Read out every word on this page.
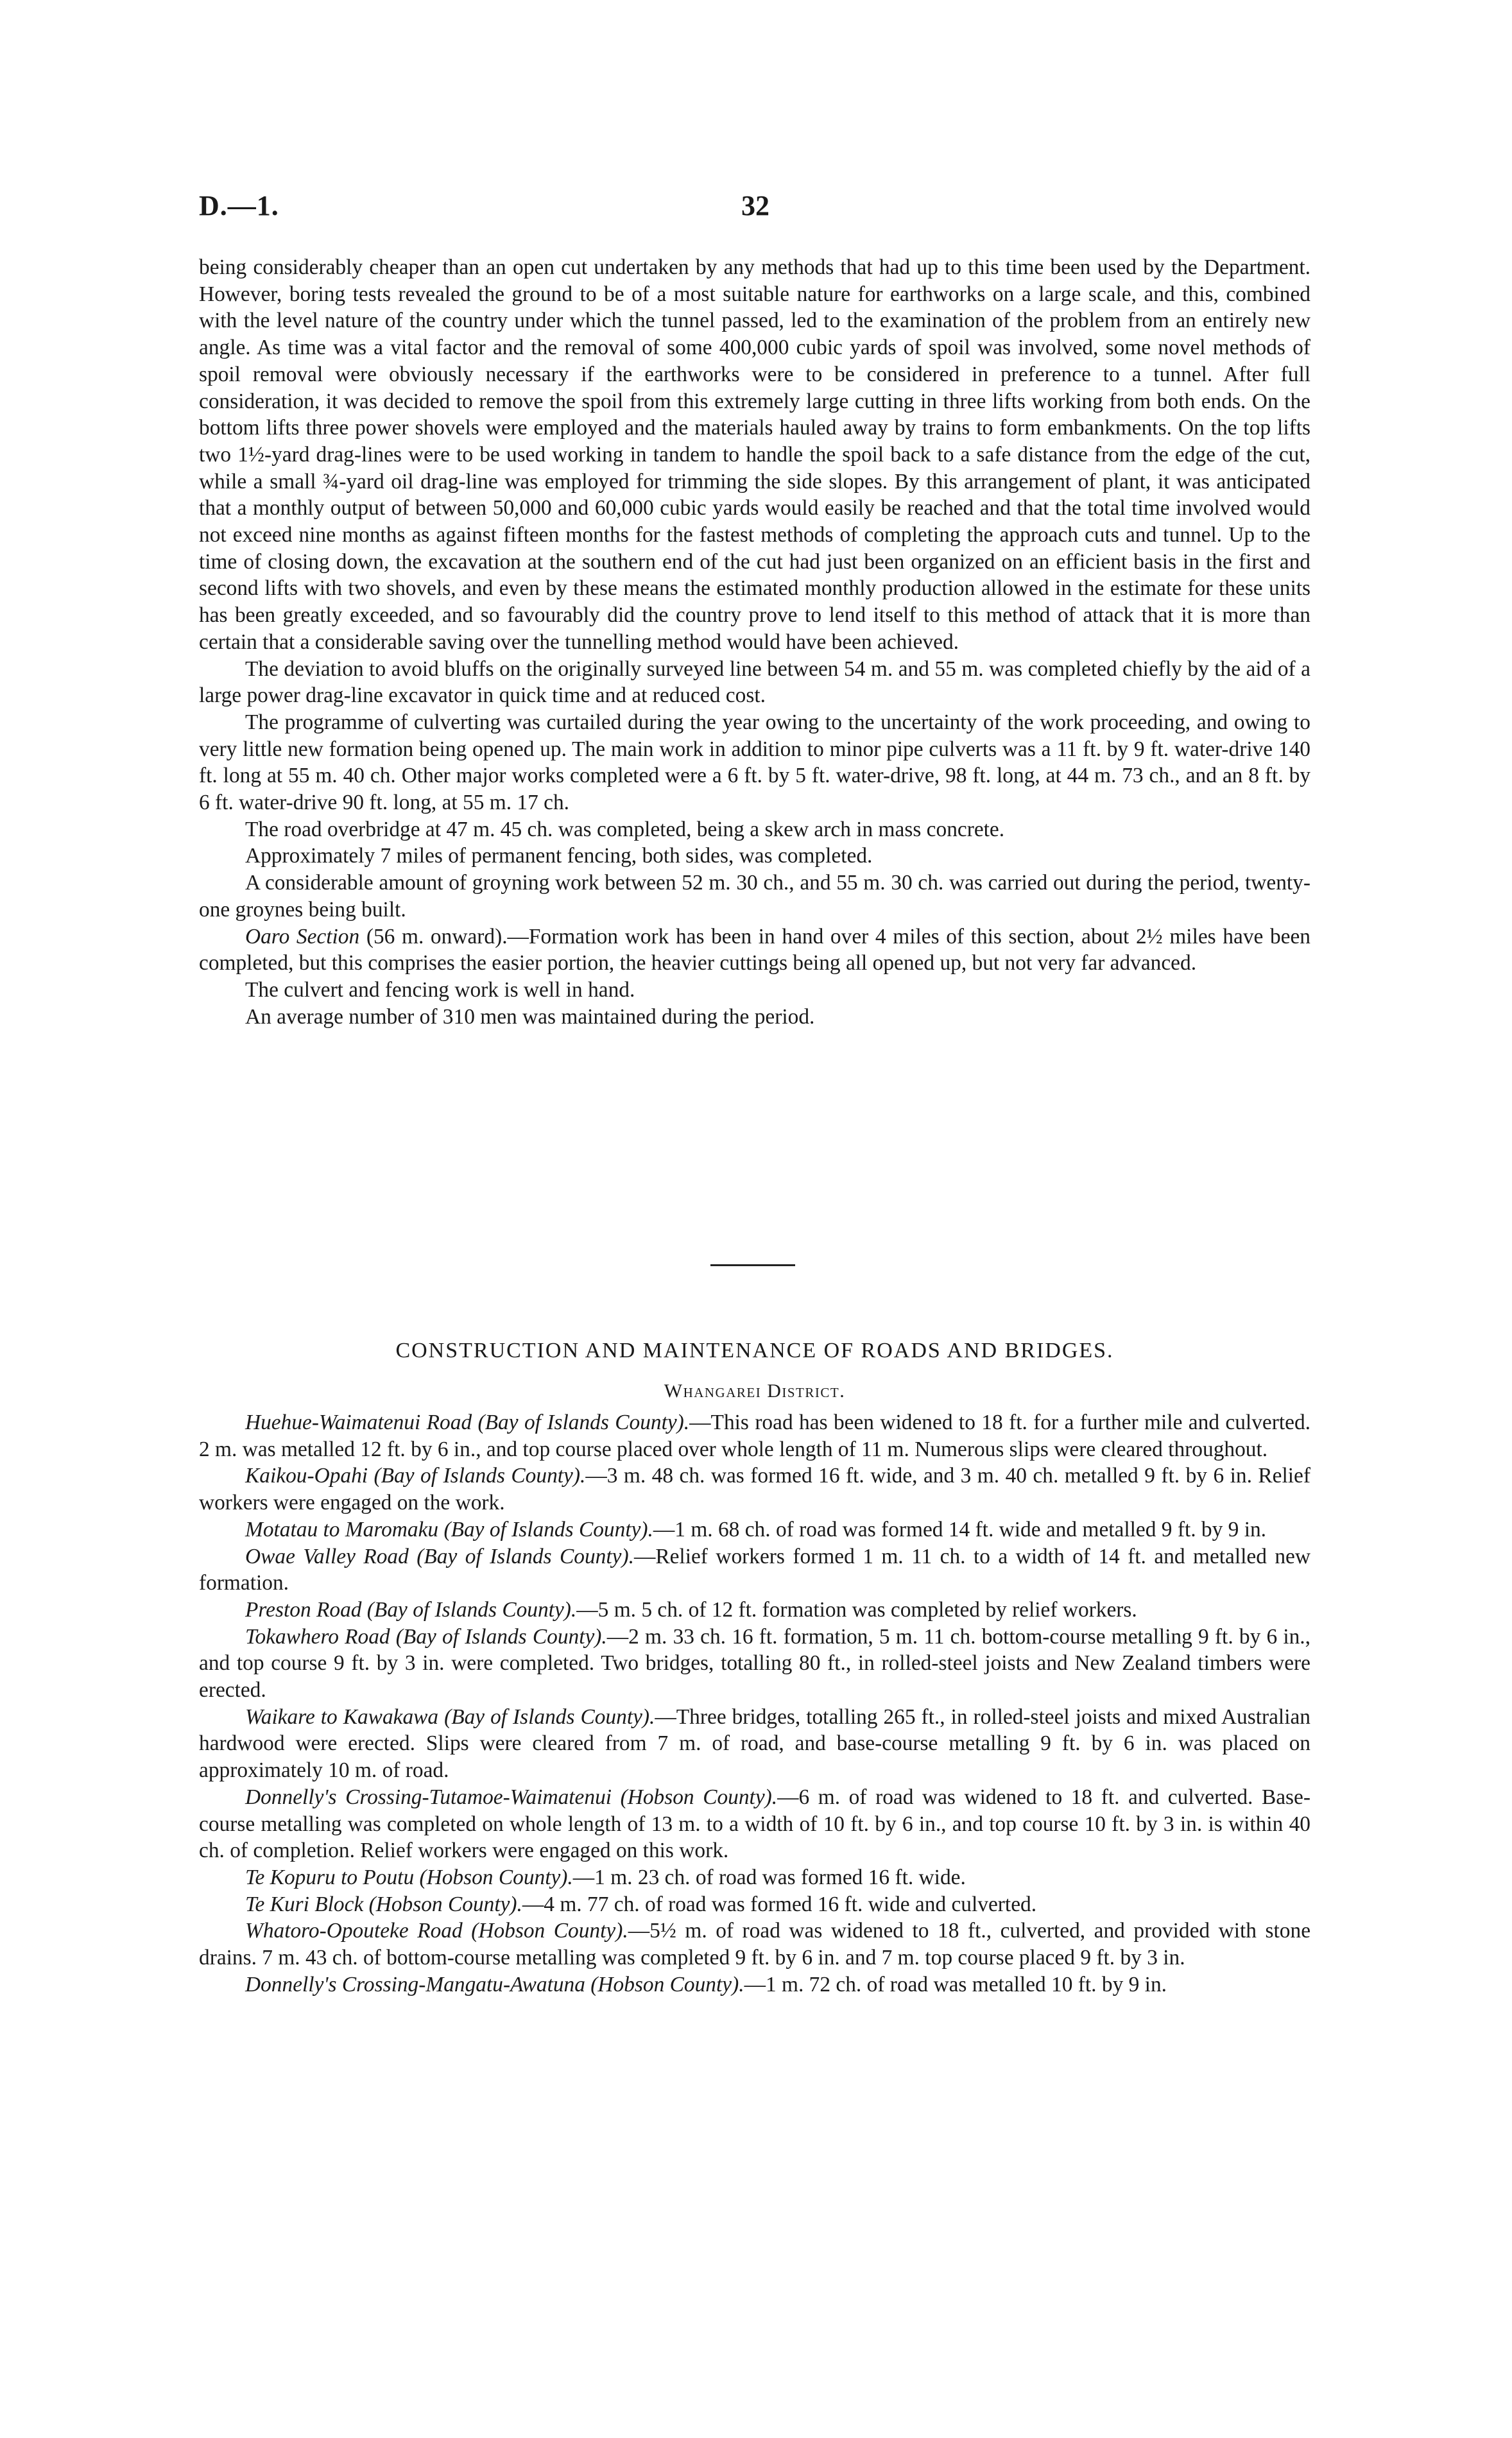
D.—1.	32

being considerably cheaper than an open cut undertaken by any methods that had up to this time been used by the Department. However, boring tests revealed the ground to be of a most suitable nature for earthworks on a large scale, and this, combined with the level nature of the country under which the tunnel passed, led to the examination of the problem from an entirely new angle. As time was a vital factor and the removal of some 400,000 cubic yards of spoil was involved, some novel methods of spoil removal were obviously necessary if the earthworks were to be considered in preference to a tunnel. After full consideration, it was decided to remove the spoil from this extremely large cutting in three lifts working from both ends. On the bottom lifts three power shovels were employed and the materials hauled away by trains to form embankments. On the top lifts two 1½-yard drag-lines were to be used working in tandem to handle the spoil back to a safe distance from the edge of the cut, while a small ¾-yard oil drag-line was employed for trimming the side slopes. By this arrangement of plant, it was anticipated that a monthly output of between 50,000 and 60,000 cubic yards would easily be reached and that the total time involved would not exceed nine months as against fifteen months for the fastest methods of completing the approach cuts and tunnel. Up to the time of closing down, the excavation at the southern end of the cut had just been organized on an efficient basis in the first and second lifts with two shovels, and even by these means the estimated monthly production allowed in the estimate for these units has been greatly exceeded, and so favourably did the country prove to lend itself to this method of attack that it is more than certain that a considerable saving over the tunnelling method would have been achieved.

The deviation to avoid bluffs on the originally surveyed line between 54 m. and 55 m. was completed chiefly by the aid of a large power drag-line excavator in quick time and at reduced cost.

The programme of culverting was curtailed during the year owing to the uncertainty of the work proceeding, and owing to very little new formation being opened up. The main work in addition to minor pipe culverts was a 11 ft. by 9 ft. water-drive 140 ft. long at 55 m. 40 ch. Other major works completed were a 6 ft. by 5 ft. water-drive, 98 ft. long, at 44 m. 73 ch., and an 8 ft. by 6 ft. water-drive 90 ft. long, at 55 m. 17 ch.

The road overbridge at 47 m. 45 ch. was completed, being a skew arch in mass concrete.

Approximately 7 miles of permanent fencing, both sides, was completed.

A considerable amount of groyning work between 52 m. 30 ch., and 55 m. 30 ch. was carried out during the period, twenty-one groynes being built.

Oaro Section (56 m. onward).—Formation work has been in hand over 4 miles of this section, about 2½ miles have been completed, but this comprises the easier portion, the heavier cuttings being all opened up, but not very far advanced.

The culvert and fencing work is well in hand.

An average number of 310 men was maintained during the period.

CONSTRUCTION AND MAINTENANCE OF ROADS AND BRIDGES.
Whangarei District.

Huehue-Waimatenui Road (Bay of Islands County).—This road has been widened to 18 ft. for a further mile and culverted. 2 m. was metalled 12 ft. by 6 in., and top course placed over whole length of 11 m. Numerous slips were cleared throughout.

Kaikou-Opahi (Bay of Islands County).—3 m. 48 ch. was formed 16 ft. wide, and 3 m. 40 ch. metalled 9 ft. by 6 in. Relief workers were engaged on the work.

Motatau to Maromaku (Bay of Islands County).—1 m. 68 ch. of road was formed 14 ft. wide and metalled 9 ft. by 9 in.

Owae Valley Road (Bay of Islands County).—Relief workers formed 1 m. 11 ch. to a width of 14 ft. and metalled new formation.

Preston Road (Bay of Islands County).—5 m. 5 ch. of 12 ft. formation was completed by relief workers.

Tokawhero Road (Bay of Islands County).—2 m. 33 ch. 16 ft. formation, 5 m. 11 ch. bottom-course metalling 9 ft. by 6 in., and top course 9 ft. by 3 in. were completed. Two bridges, totalling 80 ft., in rolled-steel joists and New Zealand timbers were erected.

Waikare to Kawakawa (Bay of Islands County).—Three bridges, totalling 265 ft., in rolled-steel joists and mixed Australian hardwood were erected. Slips were cleared from 7 m. of road, and base-course metalling 9 ft. by 6 in. was placed on approximately 10 m. of road.

Donnelly's Crossing-Tutamoe-Waimatenui (Hobson County).—6 m. of road was widened to 18 ft. and culverted. Base-course metalling was completed on whole length of 13 m. to a width of 10 ft. by 6 in., and top course 10 ft. by 3 in. is within 40 ch. of completion. Relief workers were engaged on this work.

Te Kopuru to Poutu (Hobson County).—1 m. 23 ch. of road was formed 16 ft. wide.

Te Kuri Block (Hobson County).—4 m. 77 ch. of road was formed 16 ft. wide and culverted.

Whatoro-Opouteke Road (Hobson County).—5½ m. of road was widened to 18 ft., culverted, and provided with stone drains. 7 m. 43 ch. of bottom-course metalling was completed 9 ft. by 6 in. and 7 m. top course placed 9 ft. by 3 in.

Donnelly's Crossing-Mangatu-Awatuna (Hobson County).—1 m. 72 ch. of road was metalled 10 ft. by 9 in.
